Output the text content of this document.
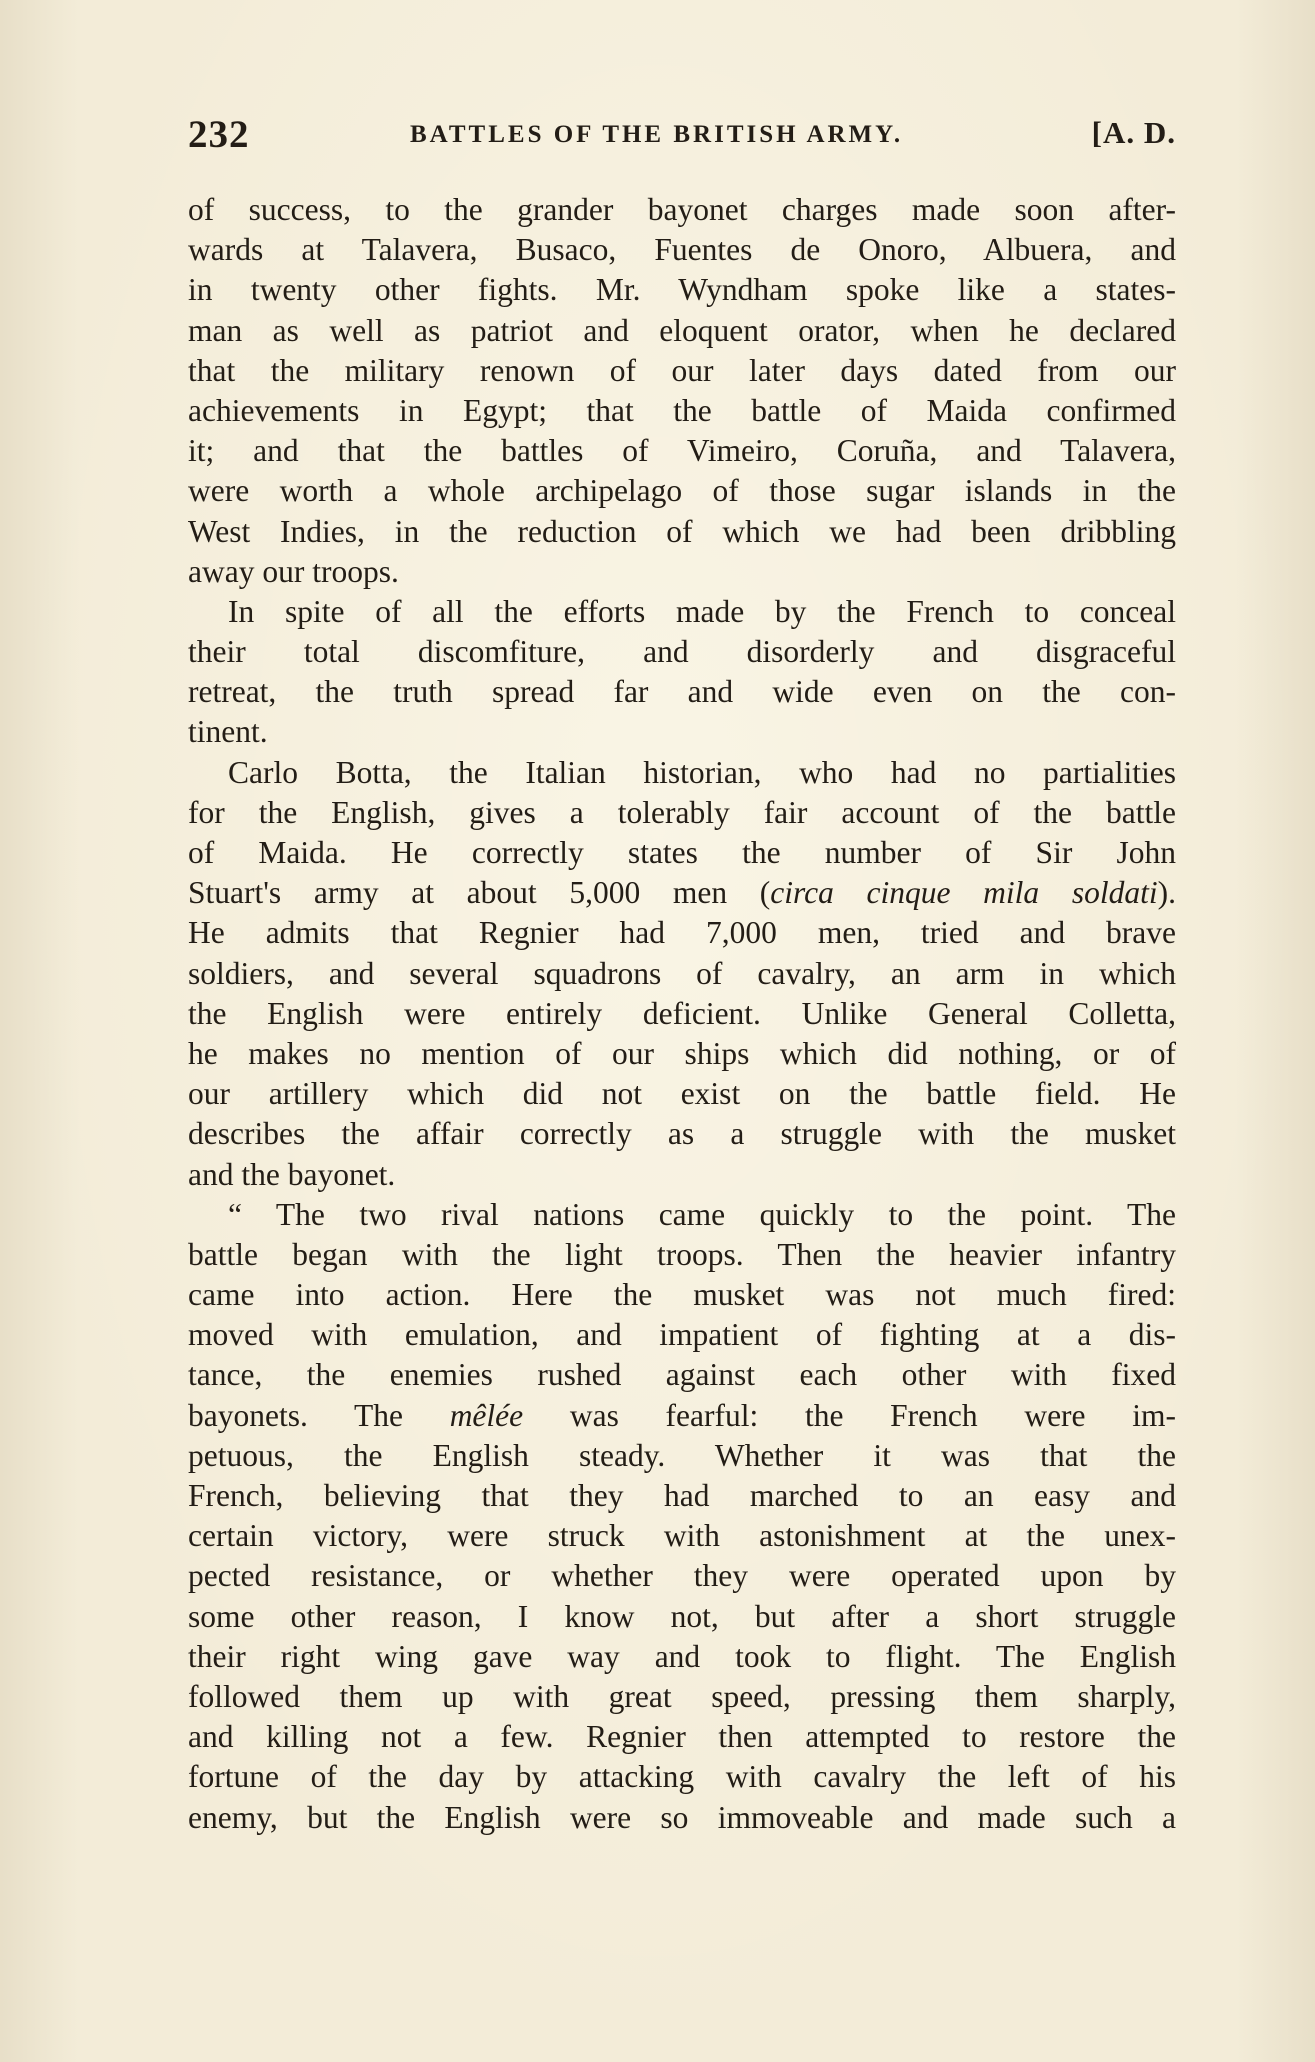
232	BATTLES OF THE BRITISH ARMY.	[A. D.
of success, to the grander bayonet charges made soon after-
wards at Talavera, Busaco, Fuentes de Onoro, Albuera, and
in twenty other fights. Mr. Wyndham spoke like a states-
man as well as patriot and eloquent orator, when he declared
that the military renown of our later days dated from our
achievements in Egypt; that the battle of Maida confirmed
it; and that the battles of Vimeiro, Coruña, and Talavera,
were worth a whole archipelago of those sugar islands in the
West Indies, in the reduction of which we had been dribbling
away our troops.
In spite of all the efforts made by the French to conceal
their total discomfiture, and disorderly and disgraceful
retreat, the truth spread far and wide even on the con-
tinent.
Carlo Botta, the Italian historian, who had no partialities
for the English, gives a tolerably fair account of the battle
of Maida. He correctly states the number of Sir John
Stuart's army at about 5,000 men (circa cinque mila soldati).
He admits that Regnier had 7,000 men, tried and brave
soldiers, and several squadrons of cavalry, an arm in which
the English were entirely deficient. Unlike General Colletta,
he makes no mention of our ships which did nothing, or of
our artillery which did not exist on the battle field. He
describes the affair correctly as a struggle with the musket
and the bayonet.
“ The two rival nations came quickly to the point. The
battle began with the light troops. Then the heavier infantry
came into action. Here the musket was not much fired:
moved with emulation, and impatient of fighting at a dis-
tance, the enemies rushed against each other with fixed
bayonets. The mêlée was fearful: the French were im-
petuous, the English steady. Whether it was that the
French, believing that they had marched to an easy and
certain victory, were struck with astonishment at the unex-
pected resistance, or whether they were operated upon by
some other reason, I know not, but after a short struggle
their right wing gave way and took to flight. The English
followed them up with great speed, pressing them sharply,
and killing not a few. Regnier then attempted to restore the
fortune of the day by attacking with cavalry the left of his
enemy, but the English were so immoveable and made such a
